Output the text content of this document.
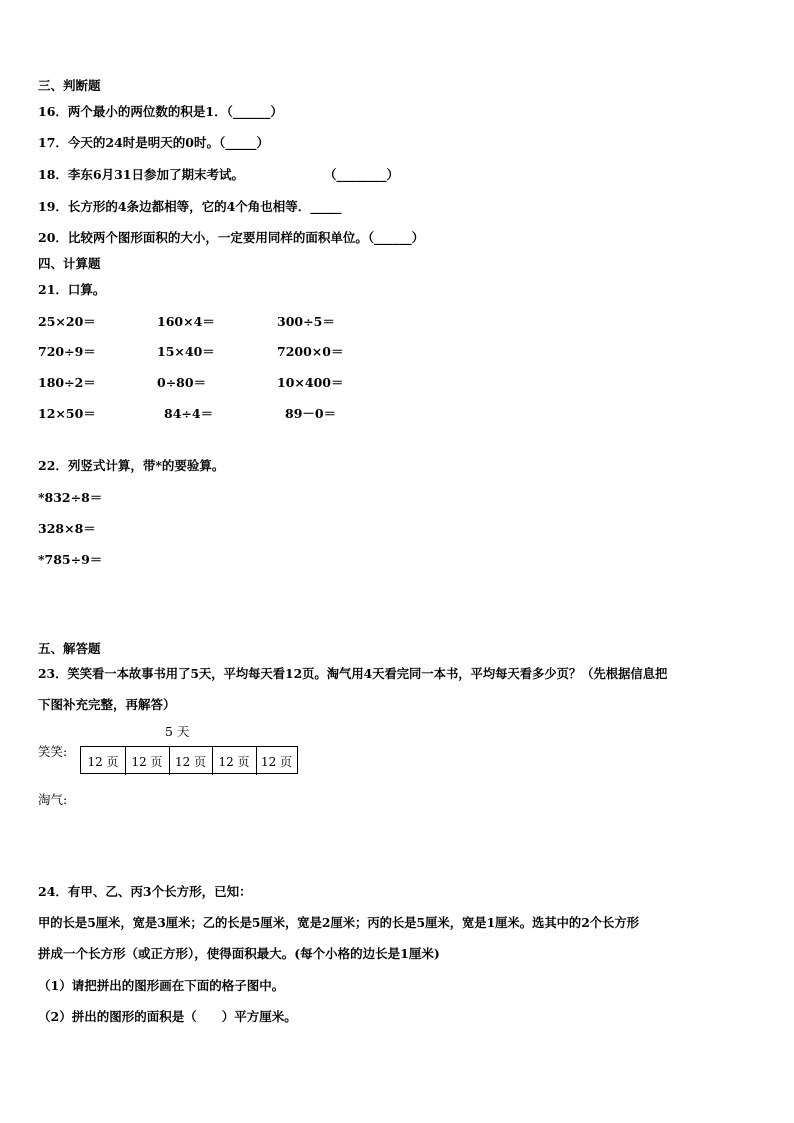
三、判断题
16．两个最小的两位数的积是1．（______）
17．今天的24时是明天的0时。（_____）
18．李东6月31日参加了期末考试。	（________）
19．长方形的4条边都相等，它的4个角也相等．_____
20．比较两个图形面积的大小，一定要用同样的面积单位。（______）
四、计算题
21．口算。
25×20＝	160×4＝	300÷5＝
720÷9＝	15×40＝	7200×0＝
180÷2＝	0÷80＝	10×400＝
12×50＝	84÷4＝	89－0＝
22．列竖式计算，带*的要验算。
*832÷8＝
328×8＝
*785÷9＝
五、解答题
23．笑笑看一本故事书用了5天，平均每天看12页。淘气用4天看完同一本书，平均每天看多少页？（先根据信息把
下图补充完整，再解答）
5 天
笑笑:
12 页	12 页	12 页	12 页 12 页
淘气:
24．有甲、乙、丙3个长方形，已知：
甲的长是5厘米，宽是3厘米；乙的长是5厘米，宽是2厘米；丙的长是5厘米，宽是1厘米。选其中的2个长方形
拼成一个长方形（或正方形），使得面积最大。(每个小格的边长是1厘米)
（1）请把拼出的图形画在下面的格子图中。
（2）拼出的图形的面积是（　　）平方厘米。
